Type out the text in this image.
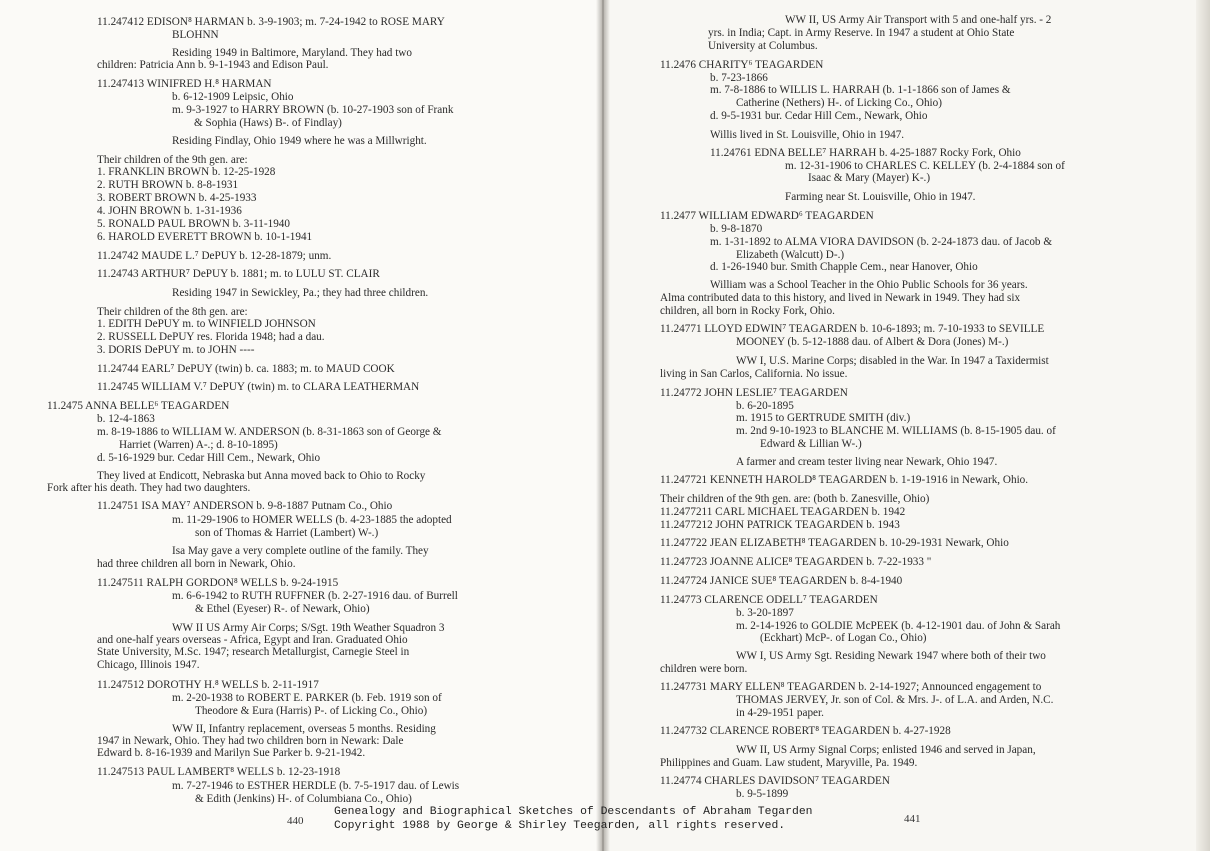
11.247412 EDISON⁸ HARMAN b. 3-9-1903; m. 7-24-1942 to ROSE MARY
BLOHNN
Residing 1949 in Baltimore, Maryland. They had two
children: Patricia Ann b. 9-1-1943 and Edison Paul.
11.247413 WINIFRED H.⁸ HARMAN
b. 6-12-1909 Leipsic, Ohio
m. 9-3-1927 to HARRY BROWN (b. 10-27-1903 son of Frank
& Sophia (Haws) B-. of Findlay)
Residing Findlay, Ohio 1949 where he was a Millwright.
Their children of the 9th gen. are:
1. FRANKLIN BROWN b. 12-25-1928
2. RUTH BROWN b. 8-8-1931
3. ROBERT BROWN b. 4-25-1933
4. JOHN BROWN b. 1-31-1936
5. RONALD PAUL BROWN b. 3-11-1940
6. HAROLD EVERETT BROWN b. 10-1-1941
11.24742 MAUDE L.⁷ DePUY b. 12-28-1879; unm.
11.24743 ARTHUR⁷ DePUY b. 1881; m. to LULU ST. CLAIR
Residing 1947 in Sewickley, Pa.; they had three children.
Their children of the 8th gen. are:
1. EDITH DePUY m. to WINFIELD JOHNSON
2. RUSSELL DePUY res. Florida 1948; had a dau.
3. DORIS DePUY m. to JOHN ----
11.24744 EARL⁷ DePUY (twin) b. ca. 1883; m. to MAUD COOK
11.24745 WILLIAM V.⁷ DePUY (twin) m. to CLARA LEATHERMAN
11.2475 ANNA BELLE⁶ TEAGARDEN
b. 12-4-1863
m. 8-19-1886 to WILLIAM W. ANDERSON (b. 8-31-1863 son of George &
Harriet (Warren) A-.; d. 8-10-1895)
d. 5-16-1929 bur. Cedar Hill Cem., Newark, Ohio
They lived at Endicott, Nebraska but Anna moved back to Ohio to Rocky
Fork after his death. They had two daughters.
11.24751 ISA MAY⁷ ANDERSON b. 9-8-1887 Putnam Co., Ohio
m. 11-29-1906 to HOMER WELLS (b. 4-23-1885 the adopted
son of Thomas & Harriet (Lambert) W-.)
Isa May gave a very complete outline of the family. They
had three children all born in Newark, Ohio.
11.247511 RALPH GORDON⁸ WELLS b. 9-24-1915
m. 6-6-1942 to RUTH RUFFNER (b. 2-27-1916 dau. of Burrell
& Ethel (Eyeser) R-. of Newark, Ohio)
WW II US Army Air Corps; S/Sgt. 19th Weather Squadron 3
and one-half years overseas - Africa, Egypt and Iran. Graduated Ohio
State University, M.Sc. 1947; research Metallurgist, Carnegie Steel in
Chicago, Illinois 1947.
11.247512 DOROTHY H.⁸ WELLS b. 2-11-1917
m. 2-20-1938 to ROBERT E. PARKER (b. Feb. 1919 son of
Theodore & Eura (Harris) P-. of Licking Co., Ohio)
WW II, Infantry replacement, overseas 5 months. Residing
1947 in Newark, Ohio. They had two children born in Newark: Dale
Edward b. 8-16-1939 and Marilyn Sue Parker b. 9-21-1942.
11.247513 PAUL LAMBERT⁸ WELLS b. 12-23-1918
m. 7-27-1946 to ESTHER HERDLE (b. 7-5-1917 dau. of Lewis
& Edith (Jenkins) H-. of Columbiana Co., Ohio)
WW II, US Army Air Transport with 5 and one-half yrs. - 2
yrs. in India; Capt. in Army Reserve. In 1947 a student at Ohio State
University at Columbus.
11.2476 CHARITY⁶ TEAGARDEN
b. 7-23-1866
m. 7-8-1886 to WILLIS L. HARRAH (b. 1-1-1866 son of James &
Catherine (Nethers) H-. of Licking Co., Ohio)
d. 9-5-1931 bur. Cedar Hill Cem., Newark, Ohio
Willis lived in St. Louisville, Ohio in 1947.
11.24761 EDNA BELLE⁷ HARRAH b. 4-25-1887 Rocky Fork, Ohio
m. 12-31-1906 to CHARLES C. KELLEY (b. 2-4-1884 son of
Isaac & Mary (Mayer) K-.)
Farming near St. Louisville, Ohio in 1947.
11.2477 WILLIAM EDWARD⁶ TEAGARDEN
b. 9-8-1870
m. 1-31-1892 to ALMA VIORA DAVIDSON (b. 2-24-1873 dau. of Jacob &
Elizabeth (Walcutt) D-.)
d. 1-26-1940 bur. Smith Chapple Cem., near Hanover, Ohio
William was a School Teacher in the Ohio Public Schools for 36 years.
Alma contributed data to this history, and lived in Newark in 1949. They had six
children, all born in Rocky Fork, Ohio.
11.24771 LLOYD EDWIN⁷ TEAGARDEN b. 10-6-1893; m. 7-10-1933 to SEVILLE
MOONEY (b. 5-12-1888 dau. of Albert & Dora (Jones) M-.)
WW I, U.S. Marine Corps; disabled in the War. In 1947 a Taxidermist
living in San Carlos, California. No issue.
11.24772 JOHN LESLIE⁷ TEAGARDEN
b. 6-20-1895
m. 1915 to GERTRUDE SMITH (div.)
m. 2nd 9-10-1923 to BLANCHE M. WILLIAMS (b. 8-15-1905 dau. of
Edward & Lillian W-.)
A farmer and cream tester living near Newark, Ohio 1947.
11.247721 KENNETH HAROLD⁸ TEAGARDEN b. 1-19-1916 in Newark, Ohio.
Their children of the 9th gen. are: (both b. Zanesville, Ohio)
11.2477211 CARL MICHAEL TEAGARDEN b. 1942
11.2477212 JOHN PATRICK TEAGARDEN b. 1943
11.247722 JEAN ELIZABETH⁸ TEAGARDEN b. 10-29-1931 Newark, Ohio
11.247723 JOANNE ALICE⁸ TEAGARDEN b. 7-22-1933 "
11.247724 JANICE SUE⁸ TEAGARDEN b. 8-4-1940
11.24773 CLARENCE ODELL⁷ TEAGARDEN
b. 3-20-1897
m. 2-14-1926 to GOLDIE McPEEK (b. 4-12-1901 dau. of John & Sarah
(Eckhart) McP-. of Logan Co., Ohio)
WW I, US Army Sgt. Residing Newark 1947 where both of their two
children were born.
11.247731 MARY ELLEN⁸ TEAGARDEN b. 2-14-1927; Announced engagement to
THOMAS JERVEY, Jr. son of Col. & Mrs. J-. of L.A. and Arden, N.C.
in 4-29-1951 paper.
11.247732 CLARENCE ROBERT⁸ TEAGARDEN b. 4-27-1928
WW II, US Army Signal Corps; enlisted 1946 and served in Japan,
Philippines and Guam. Law student, Maryville, Pa. 1949.
11.24774 CHARLES DAVIDSON⁷ TEAGARDEN
b. 9-5-1899
440	441
Genealogy and Biographical Sketches of Descendants of Abraham Tegarden
Copyright 1988 by George & Shirley Teegarden, all rights reserved.
